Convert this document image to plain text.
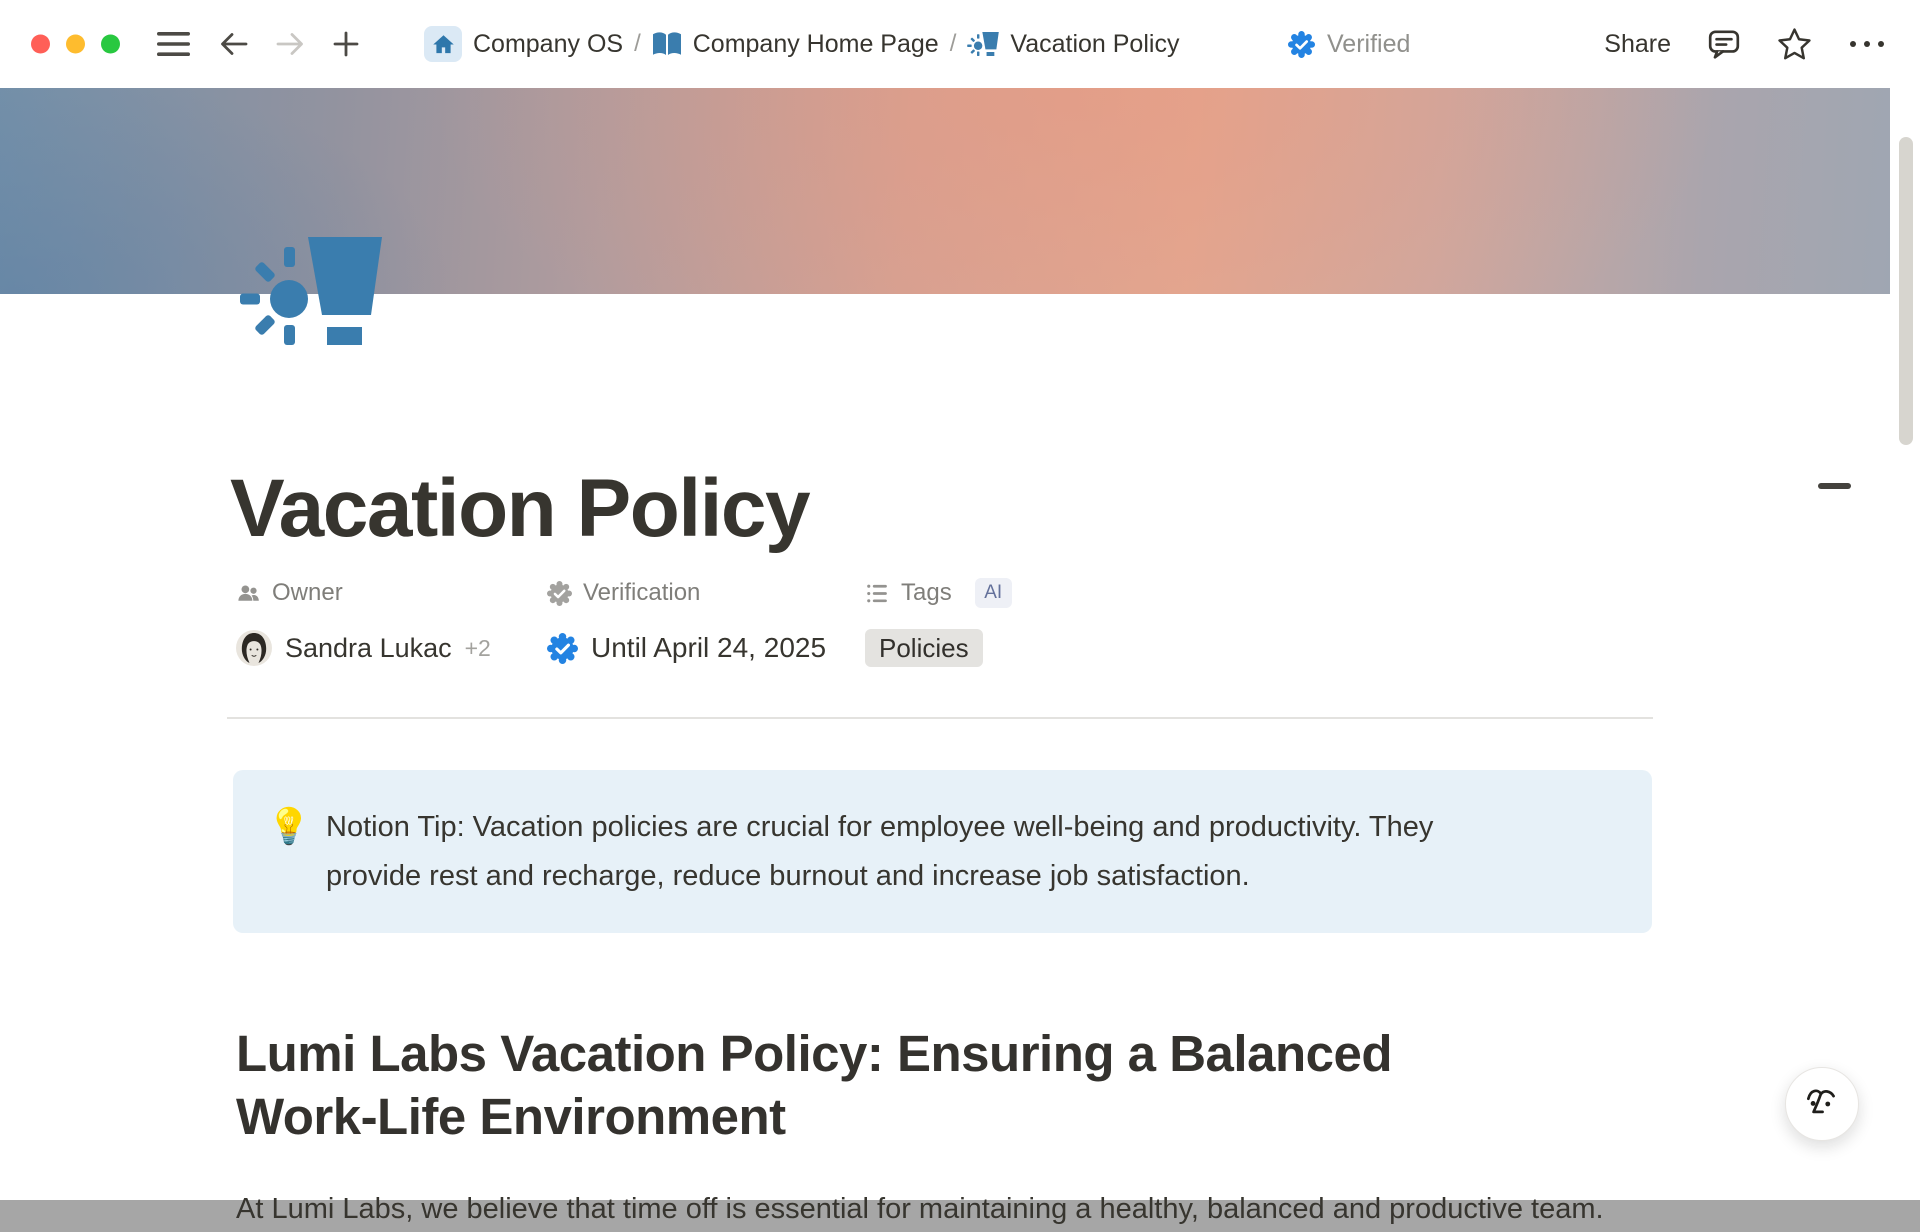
Company OS / Company Home Page / Vacation Policy	Verified	Share
Vacation Policy
Owner
Sandra Lukac +2
Verification
Until April 24, 2025
Tags	AI
Policies
💡 Notion Tip: Vacation policies are crucial for employee well-being and productivity. They
provide rest and recharge, reduce burnout and increase job satisfaction.
Lumi Labs Vacation Policy: Ensuring a Balanced
Work-Life Environment
At Lumi Labs, we believe that time off is essential for maintaining a healthy, balanced and productive team.
